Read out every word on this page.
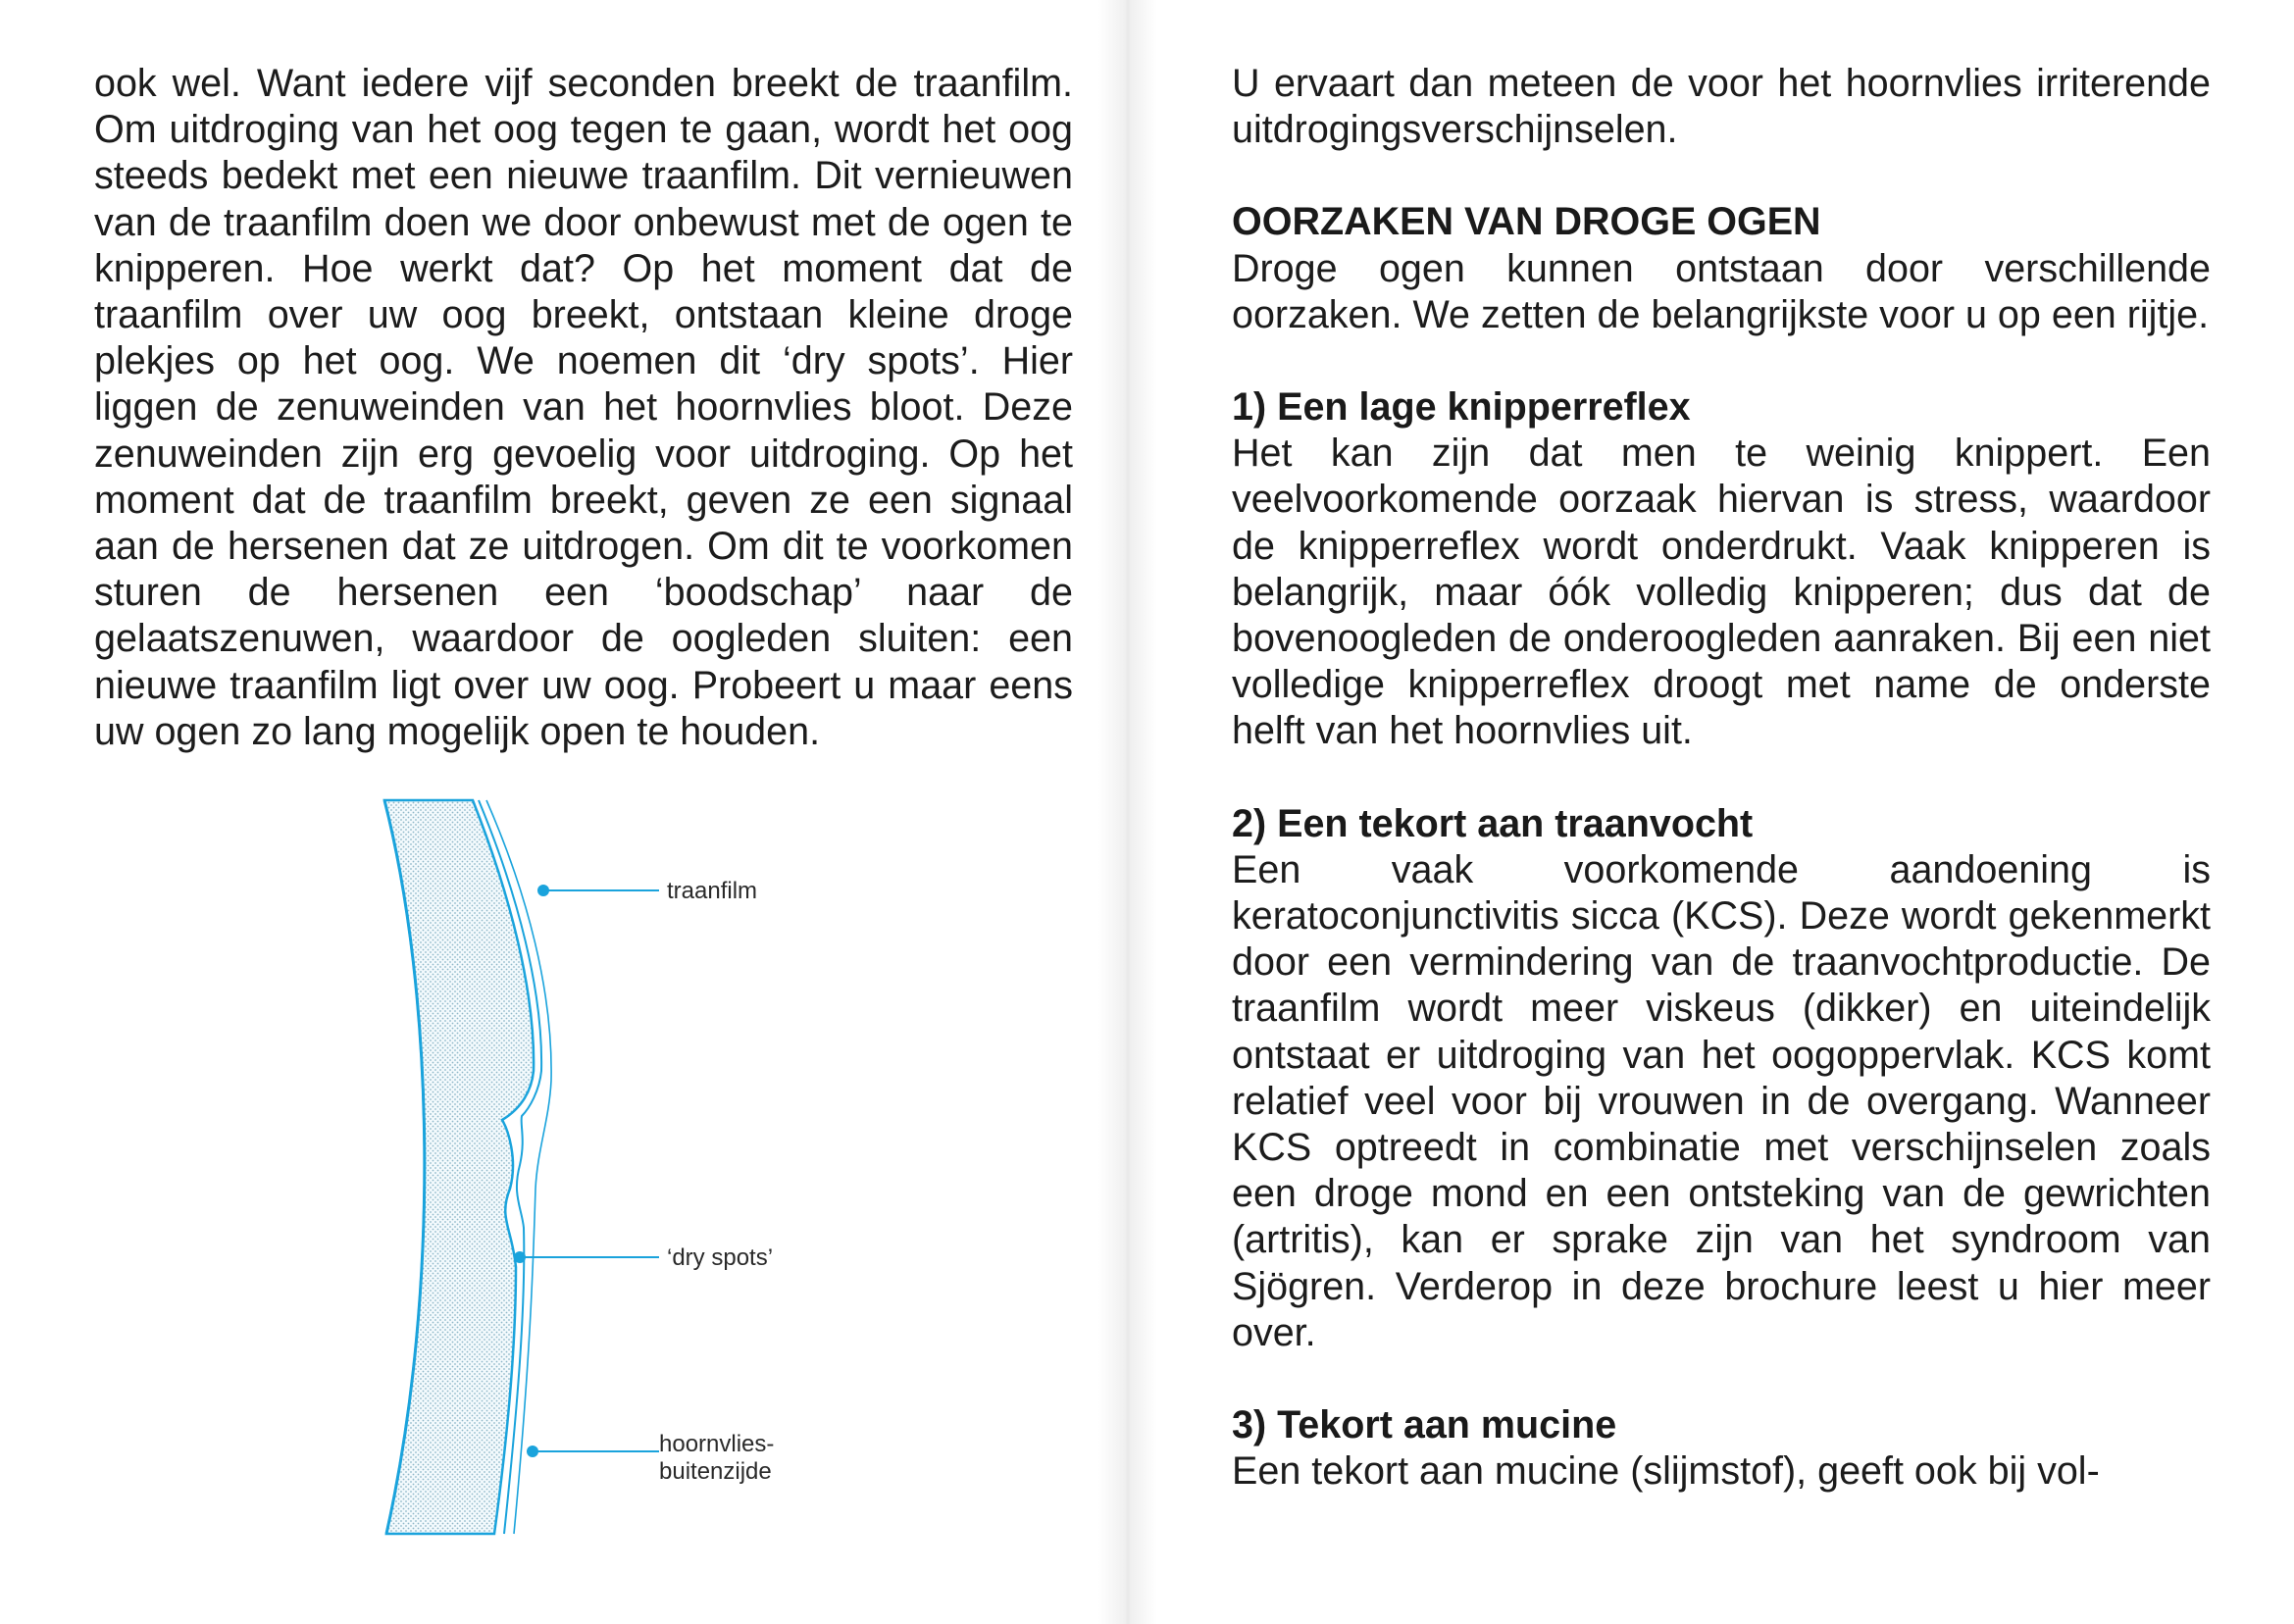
ook wel. Want iedere vijf seconden breekt de traanfilm. Om uitdroging van het oog tegen te gaan, wordt het oog steeds bedekt met een nieuwe traanfilm. Dit vernieuwen van de traanfilm doen we door onbewust met de ogen te knipperen. Hoe werkt dat? Op het moment dat de traanfilm over uw oog breekt, ontstaan kleine droge plekjes op het oog. We noemen dit ‘dry spots’. Hier liggen de zenuweinden van het hoornvlies bloot. Deze zenuweinden zijn erg gevoelig voor uitdroging. Op het moment dat de traanfilm breekt, geven ze een signaal aan de hersenen dat ze uitdrogen. Om dit te voorkomen sturen de hersenen een ‘boodschap’ naar de gelaatszenuwen, waardoor de oogleden sluiten: een nieuwe traanfilm ligt over uw oog. Probeert u maar eens uw ogen zo lang mogelijk open te houden.

traanfilm
‘dry spots’
hoornvlies-
buitenzijde

U ervaart dan meteen de voor het hoornvlies irriterende uitdrogingsverschijnselen.

OORZAKEN VAN DROGE OGEN

Droge ogen kunnen ontstaan door verschillende oorzaken. We zetten de belangrijkste voor u op een rijtje.

1) Een lage knipperreflex

Het kan zijn dat men te weinig knippert. Een veelvoorkomende oorzaak hiervan is stress, waardoor de knipperreflex wordt onderdrukt. Vaak knipperen is belangrijk, maar óók volledig knipperen; dus dat de bovenoogleden de onderoogleden aanraken. Bij een niet volledige knipperreflex droogt met name de onderste helft van het hoornvlies uit.

2) Een tekort aan traanvocht

Een vaak voorkomende aandoening is keratoconjunctivitis sicca (KCS). Deze wordt gekenmerkt door een vermindering van de traanvochtproductie. De traanfilm wordt meer viskeus (dikker) en uiteindelijk ontstaat er uitdroging van het oogoppervlak. KCS komt relatief veel voor bij vrouwen in de overgang. Wanneer KCS optreedt in combinatie met verschijnselen zoals een droge mond en een ontsteking van de gewrichten (artritis), kan er sprake zijn van het syndroom van Sjögren. Verderop in deze brochure leest u hier meer over.

3) Tekort aan mucine

Een tekort aan mucine (slijmstof), geeft ook bij vol-
